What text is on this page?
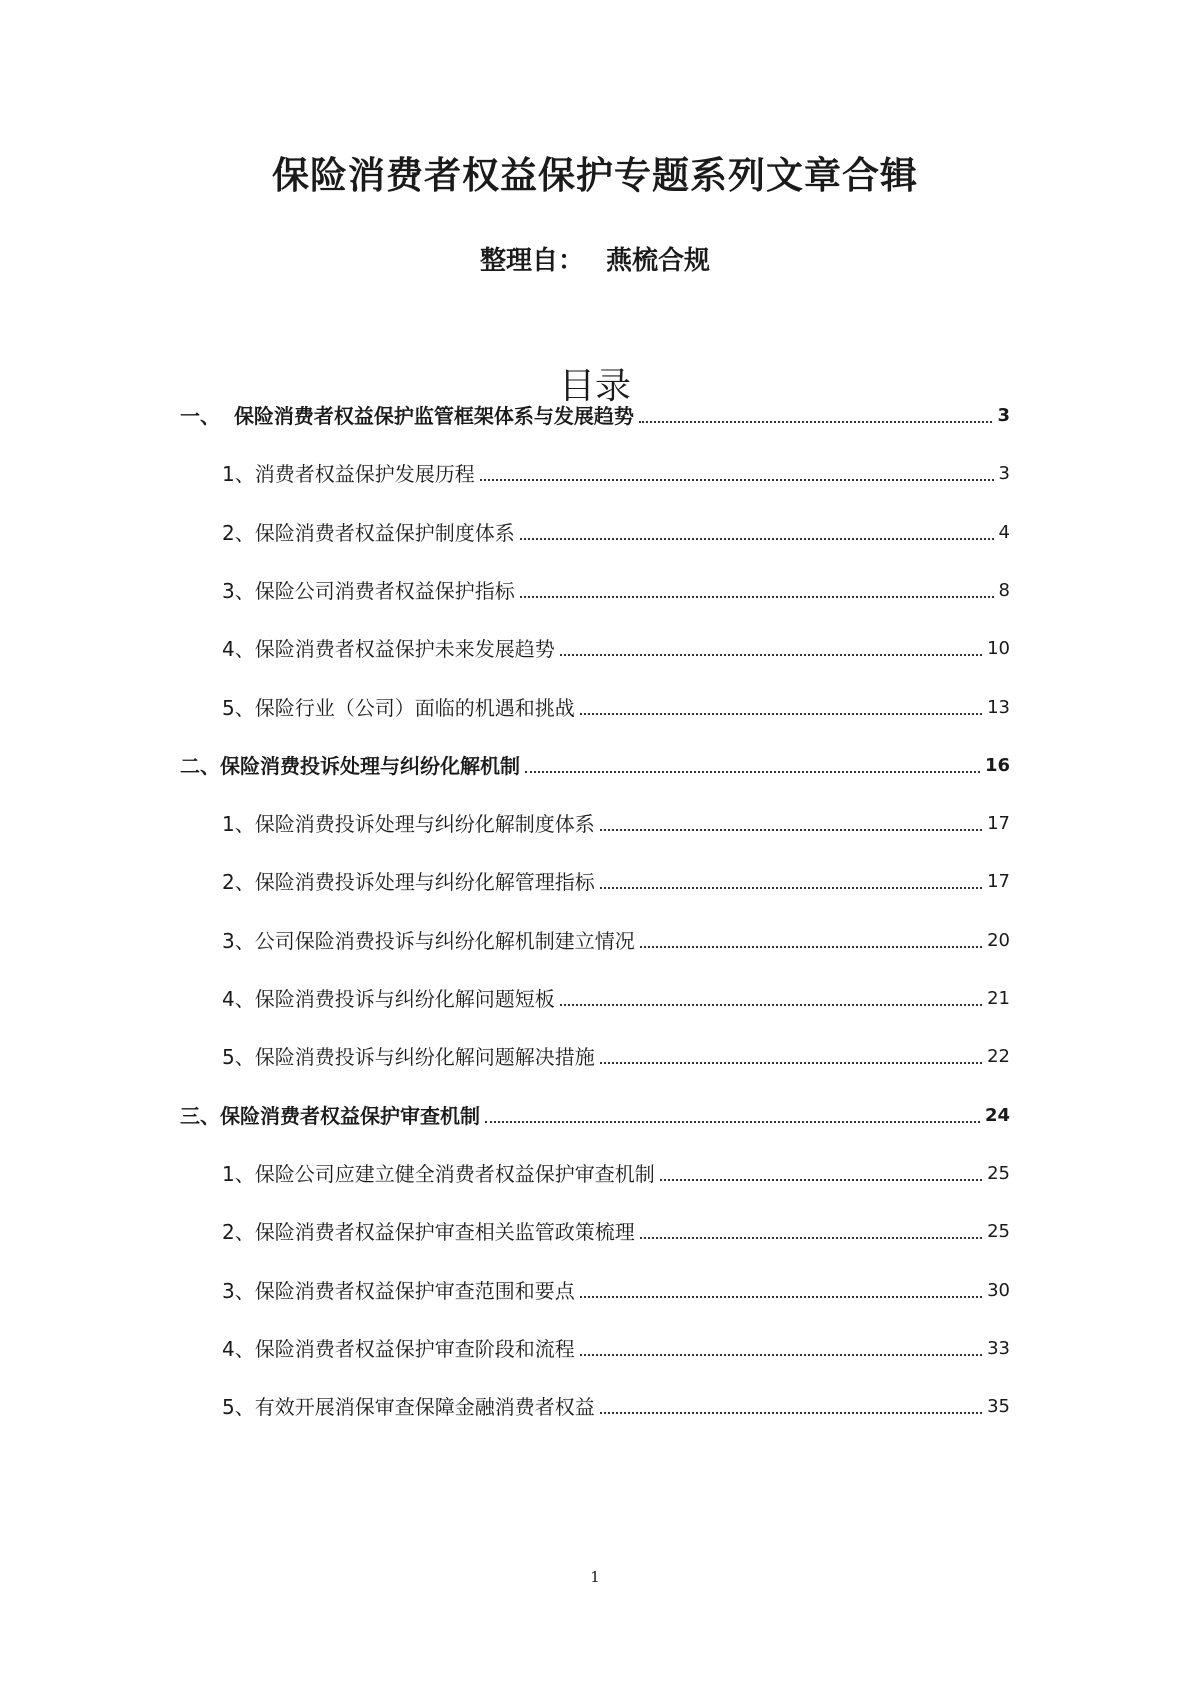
保险消费者权益保护专题系列文章合辑
整理自： 燕梳合规
目录
一、 保险消费者权益保护监管框架体系与发展趋势	3
1、 消费者权益保护发展历程	3
2、 保险消费者权益保护制度体系	4
3、 保险公司消费者权益保护指标	8
4、 保险消费者权益保护未来发展趋势	10
5、 保险行业（公司）面临的机遇和挑战	13
二、 保险消费投诉处理与纠纷化解机制	16
1、 保险消费投诉处理与纠纷化解制度体系	17
2、 保险消费投诉处理与纠纷化解管理指标	17
3、 公司保险消费投诉与纠纷化解机制建立情况	20
4、 保险消费投诉与纠纷化解问题短板	21
5、 保险消费投诉与纠纷化解问题解决措施	22
三、 保险消费者权益保护审查机制	24
1、 保险公司应建立健全消费者权益保护审查机制	25
2、 保险消费者权益保护审查相关监管政策梳理	25
3、 保险消费者权益保护审查范围和要点	30
4、 保险消费者权益保护审查阶段和流程	33
5、 有效开展消保审查保障金融消费者权益	35
1
